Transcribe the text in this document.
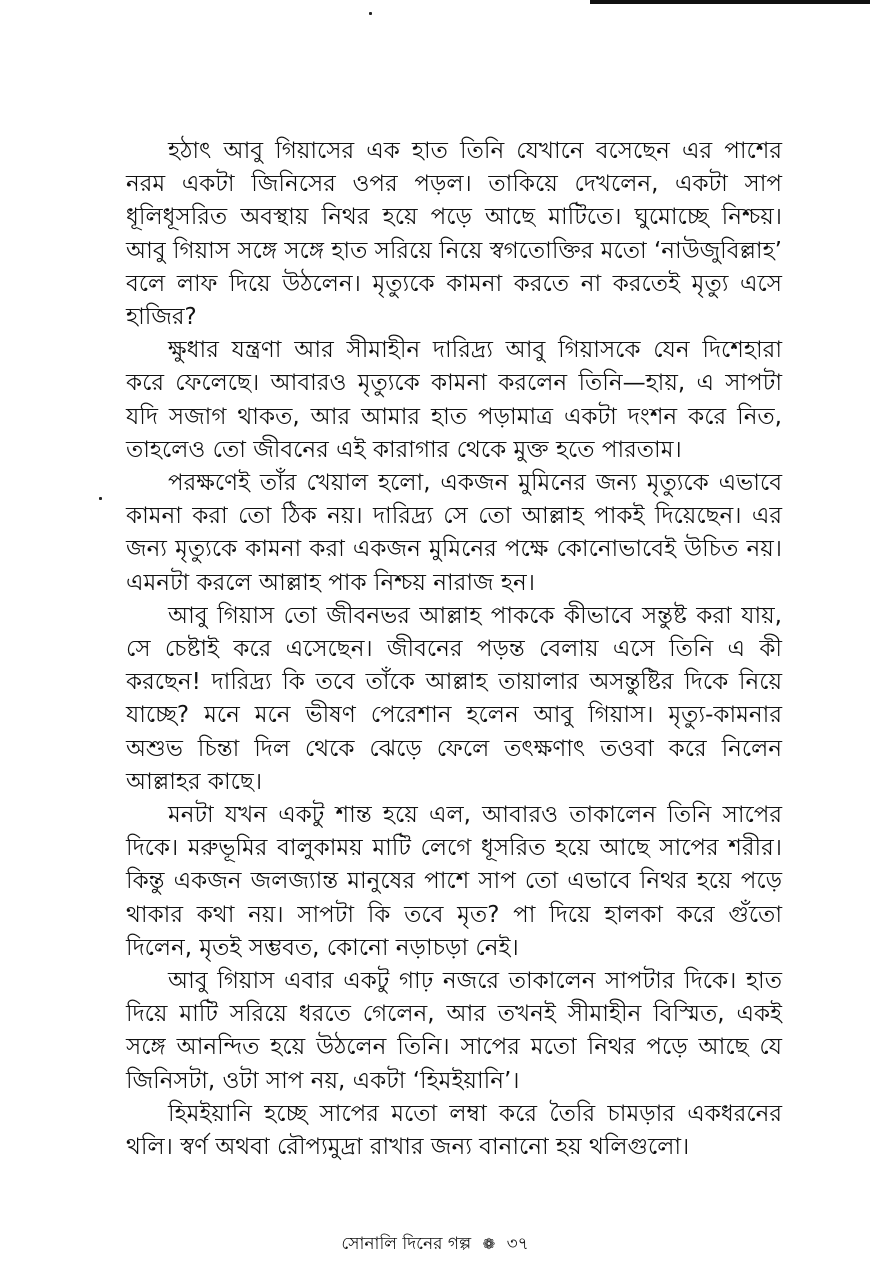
হঠাৎ আবু গিয়াসের এক হাত তিনি যেখানে বসেছেন এর পাশের নরম একটা জিনিসের ওপর পড়ল। তাকিয়ে দেখলেন, একটা সাপ ধূলিধূসরিত অবস্থায় নিথর হয়ে পড়ে আছে মাটিতে। ঘুমোচ্ছে নিশ্চয়। আবু গিয়াস সঙ্গে সঙ্গে হাত সরিয়ে নিয়ে স্বগতোক্তির মতো ‘নাউজুবিল্লাহ’ বলে লাফ দিয়ে উঠলেন। মৃত্যুকে কামনা করতে না করতেই মৃত্যু এসে হাজির?

ক্ষুধার যন্ত্রণা আর সীমাহীন দারিদ্র্য আবু গিয়াসকে যেন দিশেহারা করে ফেলেছে। আবারও মৃত্যুকে কামনা করলেন তিনি—হায়, এ সাপটা যদি সজাগ থাকত, আর আমার হাত পড়ামাত্র একটা দংশন করে নিত, তাহলেও তো জীবনের এই কারাগার থেকে মুক্ত হতে পারতাম।

পরক্ষণেই তাঁর খেয়াল হলো, একজন মুমিনের জন্য মৃত্যুকে এভাবে কামনা করা তো ঠিক নয়। দারিদ্র্য সে তো আল্লাহ পাকই দিয়েছেন। এর জন্য মৃত্যুকে কামনা করা একজন মুমিনের পক্ষে কোনোভাবেই উচিত নয়। এমনটা করলে আল্লাহ পাক নিশ্চয় নারাজ হন।

আবু গিয়াস তো জীবনভর আল্লাহ পাককে কীভাবে সন্তুষ্ট করা যায়, সে চেষ্টাই করে এসেছেন। জীবনের পড়ন্ত বেলায় এসে তিনি এ কী করছেন! দারিদ্র্য কি তবে তাঁকে আল্লাহ তায়ালার অসন্তুষ্টির দিকে নিয়ে যাচ্ছে? মনে মনে ভীষণ পেরেশান হলেন আবু গিয়াস। মৃত্যু-কামনার অশুভ চিন্তা দিল থেকে ঝেড়ে ফেলে তৎক্ষণাৎ তওবা করে নিলেন আল্লাহর কাছে।

মনটা যখন একটু শান্ত হয়ে এল, আবারও তাকালেন তিনি সাপের দিকে। মরুভূমির বালুকাময় মাটি লেগে ধূসরিত হয়ে আছে সাপের শরীর। কিন্তু একজন জলজ্যান্ত মানুষের পাশে সাপ তো এভাবে নিথর হয়ে পড়ে থাকার কথা নয়। সাপটা কি তবে মৃত? পা দিয়ে হালকা করে গুঁতো দিলেন, মৃতই সম্ভবত, কোনো নড়াচড়া নেই।

আবু গিয়াস এবার একটু গাঢ় নজরে তাকালেন সাপটার দিকে। হাত দিয়ে মাটি সরিয়ে ধরতে গেলেন, আর তখনই সীমাহীন বিস্মিত, একই সঙ্গে আনন্দিত হয়ে উঠলেন তিনি। সাপের মতো নিথর পড়ে আছে যে জিনিসটা, ওটা সাপ নয়, একটা ‘হিমইয়ানি’।

হিমইয়ানি হচ্ছে সাপের মতো লম্বা করে তৈরি চামড়ার একধরনের থলি। স্বর্ণ অথবা রৌপ্যমুদ্রা রাখার জন্য বানানো হয় থলিগুলো।

সোনালি দিনের গল্প ❁ ৩৭
